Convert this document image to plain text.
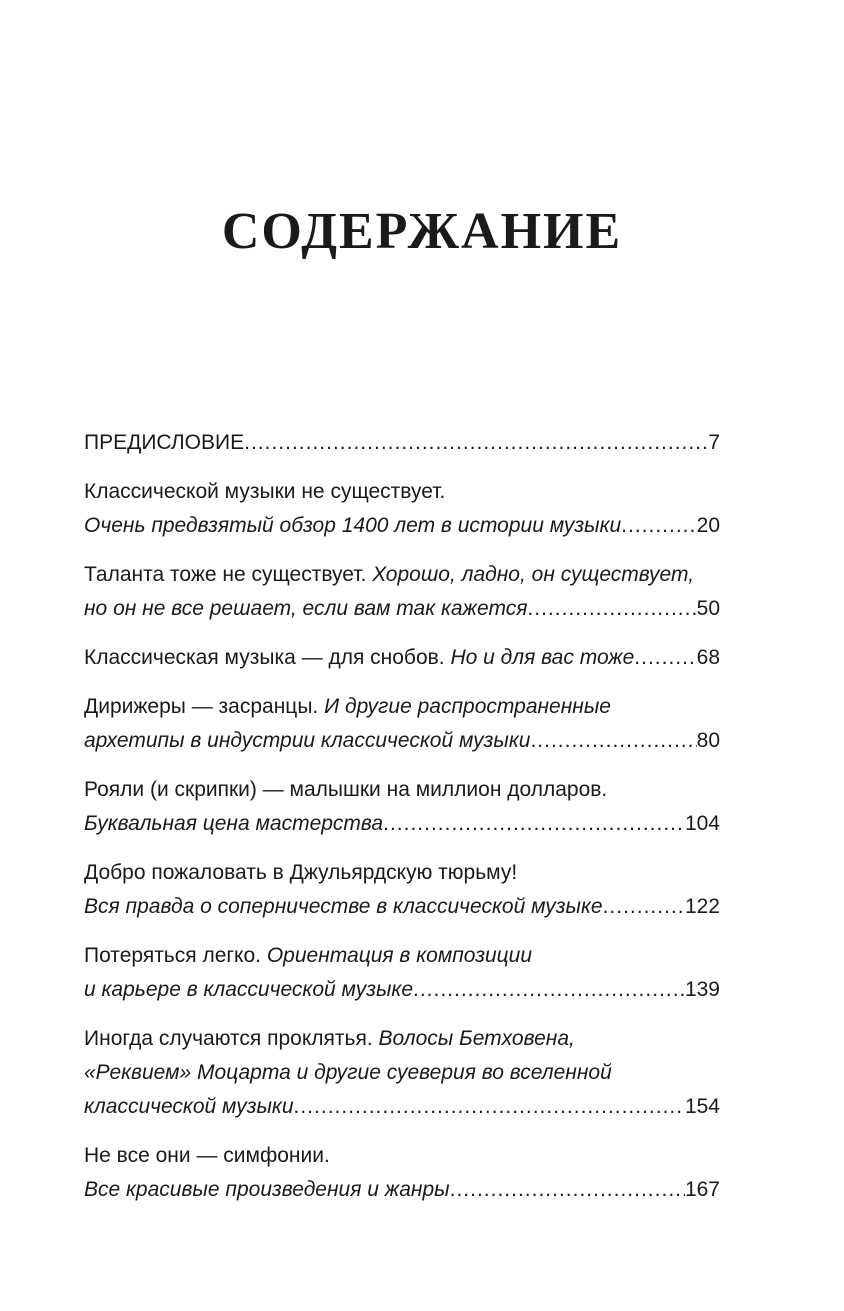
СОДЕРЖАНИЕ
ПРЕДИСЛОВИЕ .....	7
Классической музыки не существует.
Очень предвзятый обзор 1400 лет в истории музыки .....	20
Таланта тоже не существует.
Хорошо, ладно, он существует,
но он не все решает, если вам так кажется .....	50
Классическая музыка — для снобов.
Но и для вас тоже .....	68
Дирижеры — засранцы.
И другие распространенные
архетипы в индустрии классической музыки .....	80
Рояли (и скрипки) — малышки на миллион долларов.
Буквальная цена мастерства .....	104
Добро пожаловать в Джульярдскую тюрьму!
Вся правда о соперничестве в классической музыке .....	122
Потеряться легко.
Ориентация в композиции
и карьере в классической музыке .....	139
Иногда случаются проклятья.
Волосы Бетховена,
«Реквием» Моцарта и другие суеверия во вселенной
классической музыки .....	154
Не все они — симфонии.
Все красивые произведения и жанры .....	167
